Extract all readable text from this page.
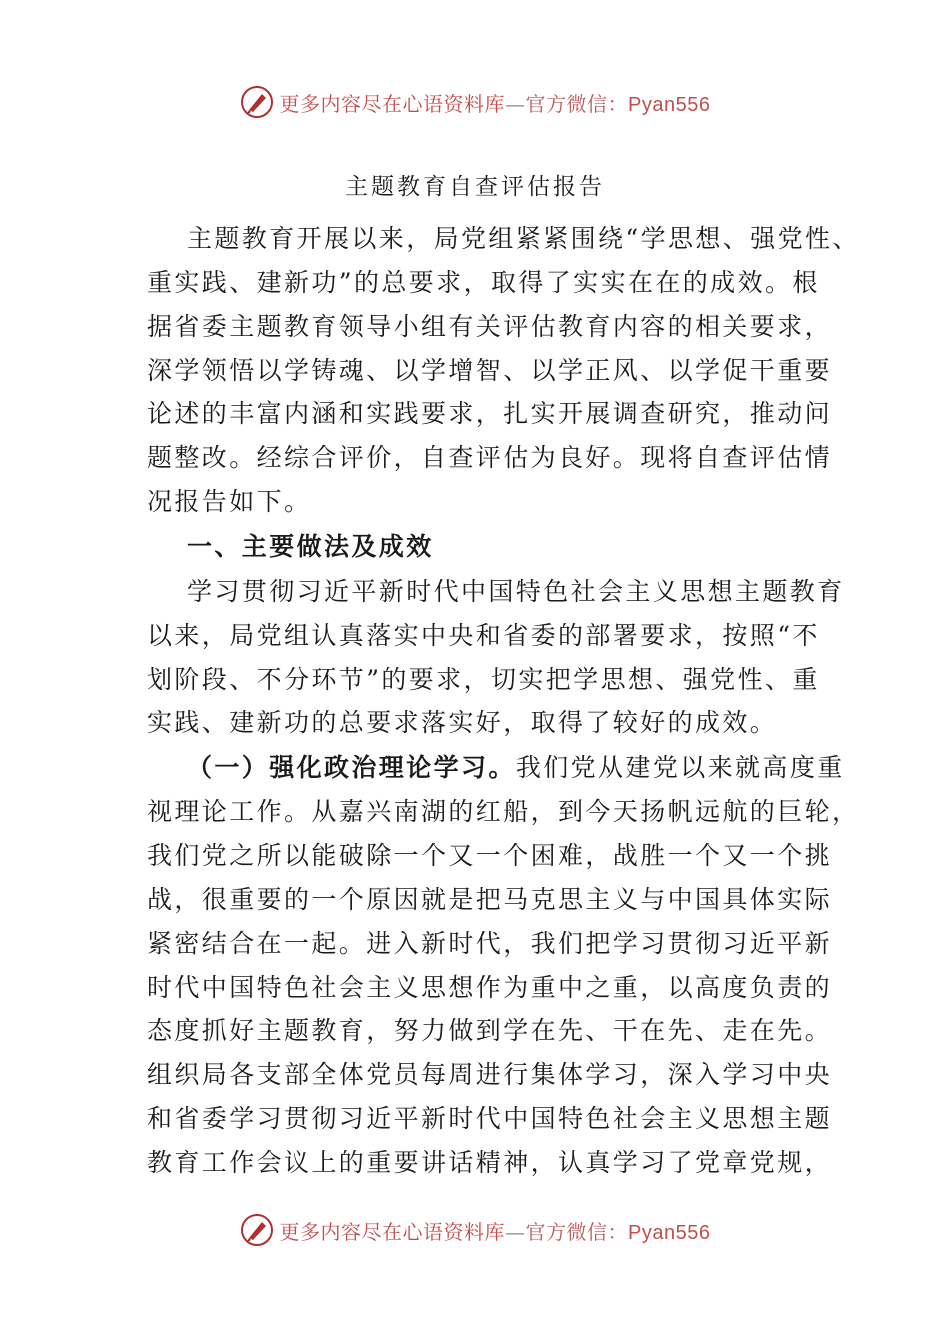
更多内容尽在心语资料库—官方微信：Pyan556
主题教育自查评估报告
主题教育开展以来，局党组紧紧围绕“学思想、强党性、
重实践、建新功”的总要求，取得了实实在在的成效。根
据省委主题教育领导小组有关评估教育内容的相关要求，
深学领悟以学铸魂、以学增智、以学正风、以学促干重要
论述的丰富内涵和实践要求，扎实开展调查研究，推动问
题整改。经综合评价，自查评估为良好。现将自查评估情
况报告如下。
一、主要做法及成效
学习贯彻习近平新时代中国特色社会主义思想主题教育
以来，局党组认真落实中央和省委的部署要求，按照“不
划阶段、不分环节”的要求，切实把学思想、强党性、重
实践、建新功的总要求落实好，取得了较好的成效。
（一）强化政治理论学习。我们党从建党以来就高度重
视理论工作。从嘉兴南湖的红船，到今天扬帆远航的巨轮，
我们党之所以能破除一个又一个困难，战胜一个又一个挑
战，很重要的一个原因就是把马克思主义与中国具体实际
紧密结合在一起。进入新时代，我们把学习贯彻习近平新
时代中国特色社会主义思想作为重中之重，以高度负责的
态度抓好主题教育，努力做到学在先、干在先、走在先。
组织局各支部全体党员每周进行集体学习，深入学习中央
和省委学习贯彻习近平新时代中国特色社会主义思想主题
教育工作会议上的重要讲话精神，认真学习了党章党规，
更多内容尽在心语资料库—官方微信：Pyan556
